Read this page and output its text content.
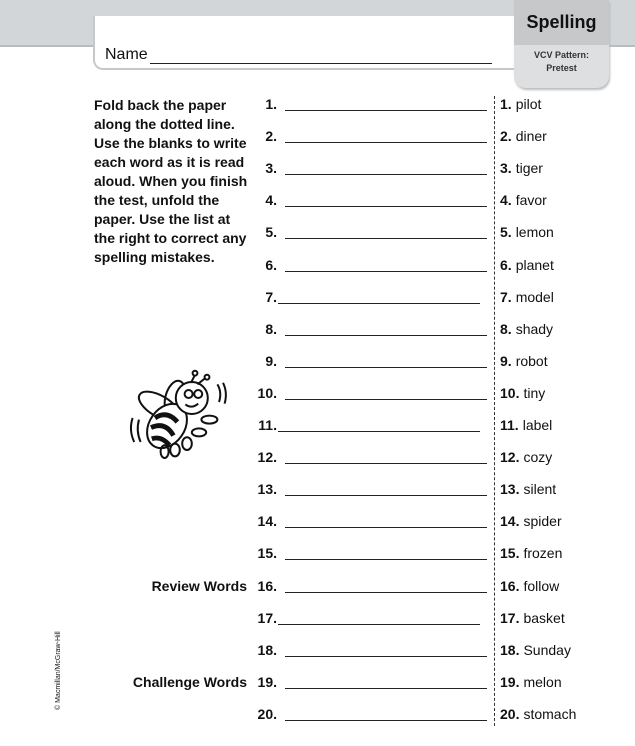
Name
Spelling
VCV Pattern:
Pretest
Fold back the paper along the dotted line. Use the blanks to write each word as it is read aloud. When you finish the test, unfold the paper. Use the list at the right to correct any spelling mistakes.
1.	1. pilot
2.	2. diner
3.	3. tiger
4.	4. favor
5.	5. lemon
6.	6. planet
7.	7. model
8.	8. shady
9.	9. robot
10.	10. tiny
11.	11. label
12.	12. cozy
13.	13. silent
14.	14. spider
15.	15. frozen
Review Words 16.	16. follow
17.	17. basket
18.	18. Sunday
Challenge Words 19.	19. melon
20.	20. stomach
© Macmillan/McGraw-Hill
